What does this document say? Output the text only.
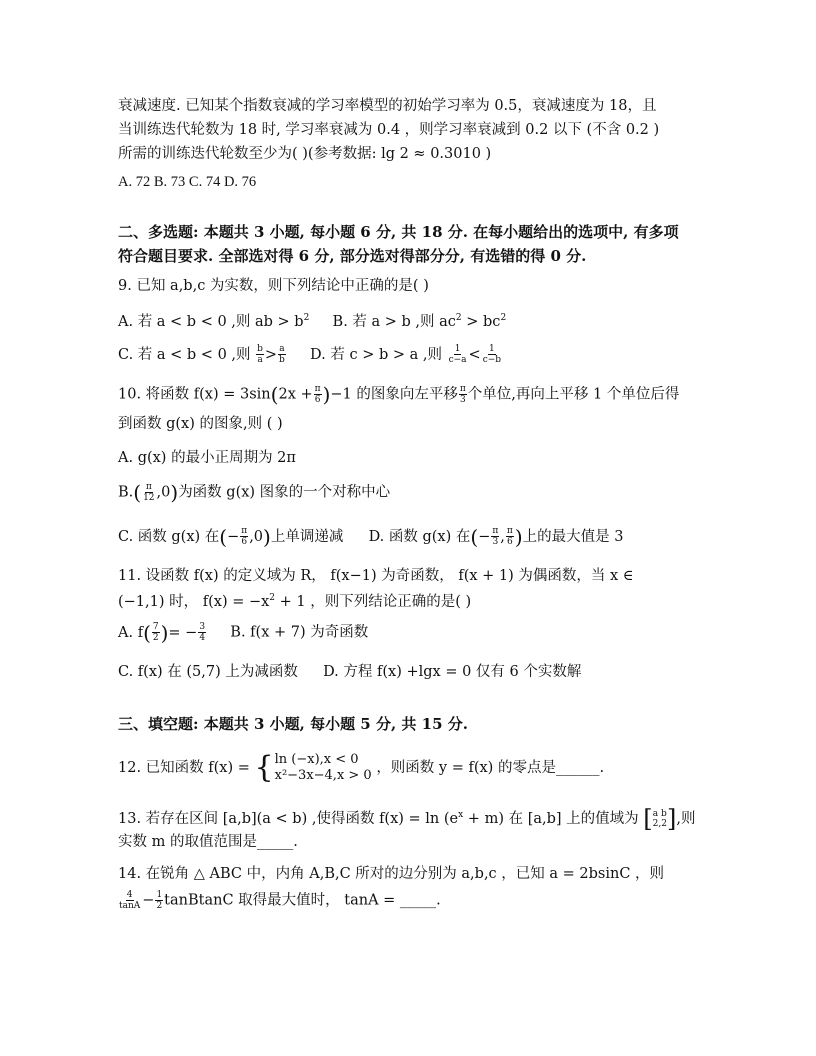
衰减速度. 已知某个指数衰减的学习率模型的初始学习率为 0.5，衰减速度为 18，且
当训练迭代轮数为 18 时, 学习率衰减为 0.4 ，则学习率衰减到 0.2 以下 (不含 0.2 )
所需的训练迭代轮数至少为( )(参考数据: lg 2 ≈ 0.3010 )
A. 72 B. 73 C. 74 D. 76
二、多选题: 本题共 3 小题, 每小题 6 分, 共 18 分. 在每小题给出的选项中, 有多项
符合题目要求. 全部选对得 6 分, 部分选对得部分分, 有选错的得 0 分.
9. 已知 a,b,c 为实数，则下列结论中正确的是( )
A. 若 a < b < 0 ,则 ab > $b^2$ B. 若 a > b ,则 $ac^2 > bc^2$
C. 若 a < b < 0 ,则 $\frac{b}{a} > \frac{a}{b} D$. 若 c > b > a ,则 $\frac{1}{c-a} < \frac{1}{c-b}$
10. 将函数 $f(x) = 3\sin(2x + \frac{\pi}{6} )-1$ 的图象向左平移 $\frac{\pi}{3}$ 个单位,再向上平移 1 个单位后得
到函数 g(x) 的图象,则 ( )
A. g(x) 的最小正周期为 2π
$B.( \frac{\pi}{12} ,0)$为函数 g(x) 图象的一个对称中心
C. 函数 g(x) 在(− $\frac{\pi}{6} ,0$)上单调递减 D. 函数 g(x) 在(− $\frac{\pi}{3}$ , $\frac{\pi}{6}$ )上的最大值是 3
11. 设函数 f(x) 的定义域为 R， f(x−1) 为奇函数， f(x + 1) 为偶函数，当 x ∈
(−1,1) 时， $f(x) = -x^2 + 1$ ，则下列结论正确的是( )
A. $f( \frac{7}{2}$ )= − $\frac{3}{4} B$. f(x + 7) 为奇函数
C. f(x) 在 (5,7) 上为减函数 D. 方程 f(x) +lgx = 0 仅有 6 个实数解
三、填空题: 本题共 3 小题, 每小题 5 分, 共 15 分.
12. 已知函数 f(x) = { ln (−x),x < 0
x²−3x−4,x > 0 ，则函数 y = f(x) 的零点是______.
13. 若存在区间 [a,b](a < b) ,使得函数 $f(x) = \ln (e^x + m)$ 在 [a,b] 上的值域为 [ a b
2,2 ] ,则
实数 m 的取值范围是_____.
14. 在锐角 △ ABC 中，内角 A,B,C 所对的边分别为 a,b,c ，已知 a = 2bsinC ，则
$\frac{4}{\tan A} - \frac{1}{2}$ tanBtanC 取得最大值时， tanA = _____.
